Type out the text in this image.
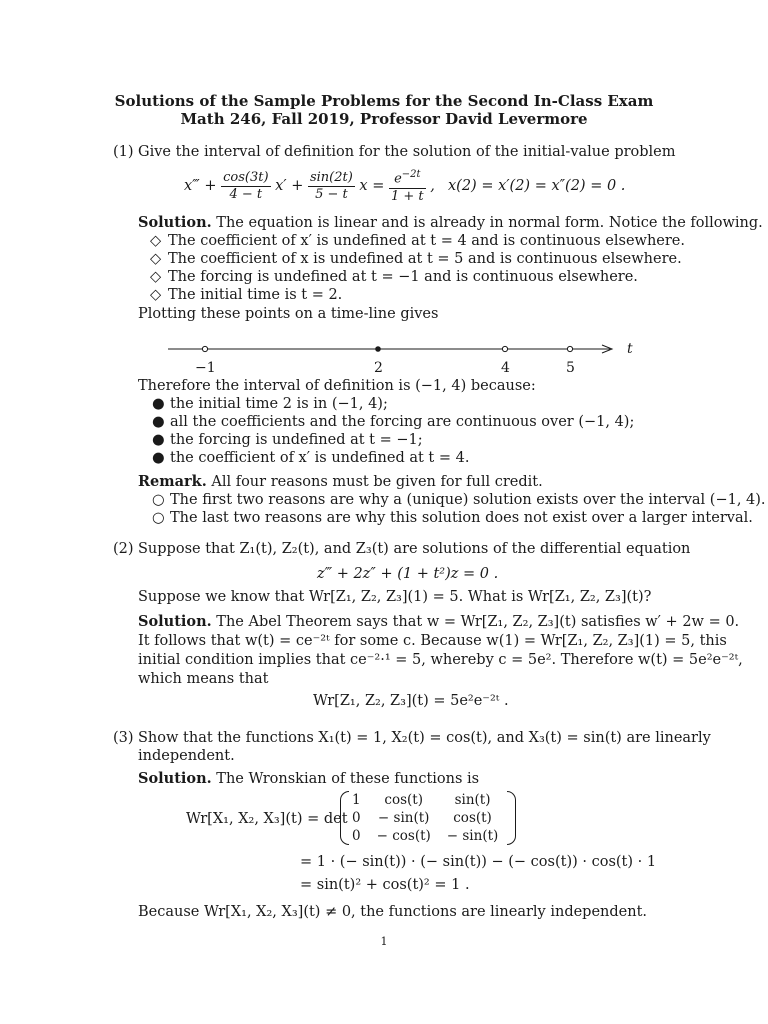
Solutions of the Sample Problems for the Second In-Class Exam
Math 246, Fall 2019, Professor David Levermore
(1) Give the interval of definition for the solution of the initial-value problem
x‴ + $\frac{\cos(3t)}{4 - t} x' + \frac{\sin(2t)}{5 - t}$ $x = \frac{e^{-2t}}{1 + t}$ , x(2) = x′(2) = x″(2) = 0 .
Solution. The equation is linear and is already in normal form. Notice the following.
◇ The coefficient of x′ is undefined at t = 4 and is continuous elsewhere.
◇ The coefficient of x is undefined at t = 5 and is continuous elsewhere.
◇ The forcing is undefined at t = −1 and is continuous elsewhere.
◇ The initial time is t = 2.
Plotting these points on a time-line gives
t
−1	2	4	5
Therefore the interval of definition is (−1, 4) because:
● the initial time 2 is in (−1, 4);
● all the coefficients and the forcing are continuous over (−1, 4);
● the forcing is undefined at t = −1;
● the coefficient of x′ is undefined at t = 4.
Remark. All four reasons must be given for full credit.
○ The first two reasons are why a (unique) solution exists over the interval (−1, 4).
○ The last two reasons are why this solution does not exist over a larger interval.
(2) Suppose that Z₁(t), Z₂(t), and Z₃(t) are solutions of the differential equation
z‴ + 2z″ + (1 + t²)z = 0 .
Suppose we know that Wr[Z₁, Z₂, Z₃](1) = 5. What is Wr[Z₁, Z₂, Z₃](t)?
Solution. The Abel Theorem says that w = Wr[Z₁, Z₂, Z₃](t) satisfies w′ + 2w = 0.
It follows that w(t) = ce⁻²ᵗ for some c. Because w(1) = Wr[Z₁, Z₂, Z₃](1) = 5, this
initial condition implies that ce⁻²·¹ = 5, whereby c = 5e². Therefore w(t) = 5e²e⁻²ᵗ,
which means that
Wr[Z₁, Z₂, Z₃](t) = 5e²e⁻²ᵗ .
(3) Show that the functions X₁(t) = 1, X₂(t) = cos(t), and X₃(t) = sin(t) are linearly
independent.
Solution. The Wronskian of these functions is
Wr[X₁, X₂, X₃](t) = det
1	cos(t)	sin(t)
0	− sin(t)	cos(t)
0	− cos(t)	− sin(t)
= 1 · (− sin(t)) · (− sin(t)) − (− cos(t)) · cos(t) · 1
= sin(t)² + cos(t)² = 1 .
Because Wr[X₁, X₂, X₃](t) ≠ 0, the functions are linearly independent.
1
